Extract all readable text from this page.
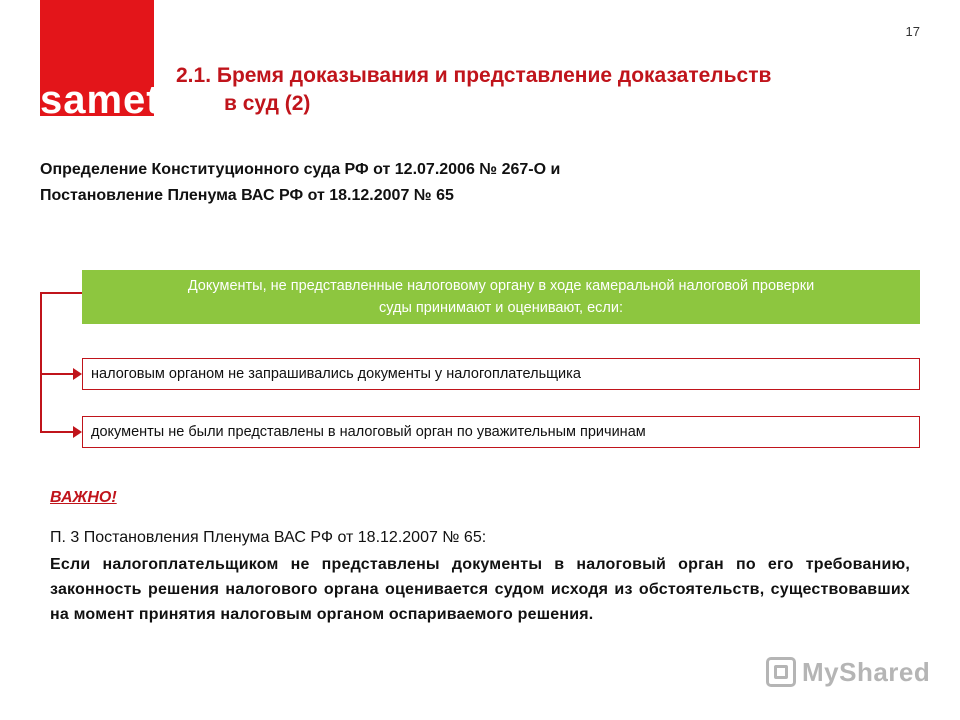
sameta
17
2.1. Бремя доказывания и представление доказательств
в суд (2)
Определение Конституционного суда РФ от 12.07.2006 № 267-О и
Постановление Пленума ВАС РФ от 18.12.2007 № 65
Документы, не представленные налоговому органу в ходе камеральной налоговой проверки
суды принимают и оценивают, если:
налоговым органом не запрашивались документы у налогоплательщика
документы не были представлены в налоговый орган по уважительным причинам
ВАЖНО!
П. 3 Постановления Пленума ВАС РФ от 18.12.2007 № 65:
Если налогоплательщиком не представлены документы в налоговый орган по его требованию, законность решения налогового органа оценивается судом исходя из обстоятельств, существовавших на момент принятия налоговым органом оспариваемого решения.
MyShared
